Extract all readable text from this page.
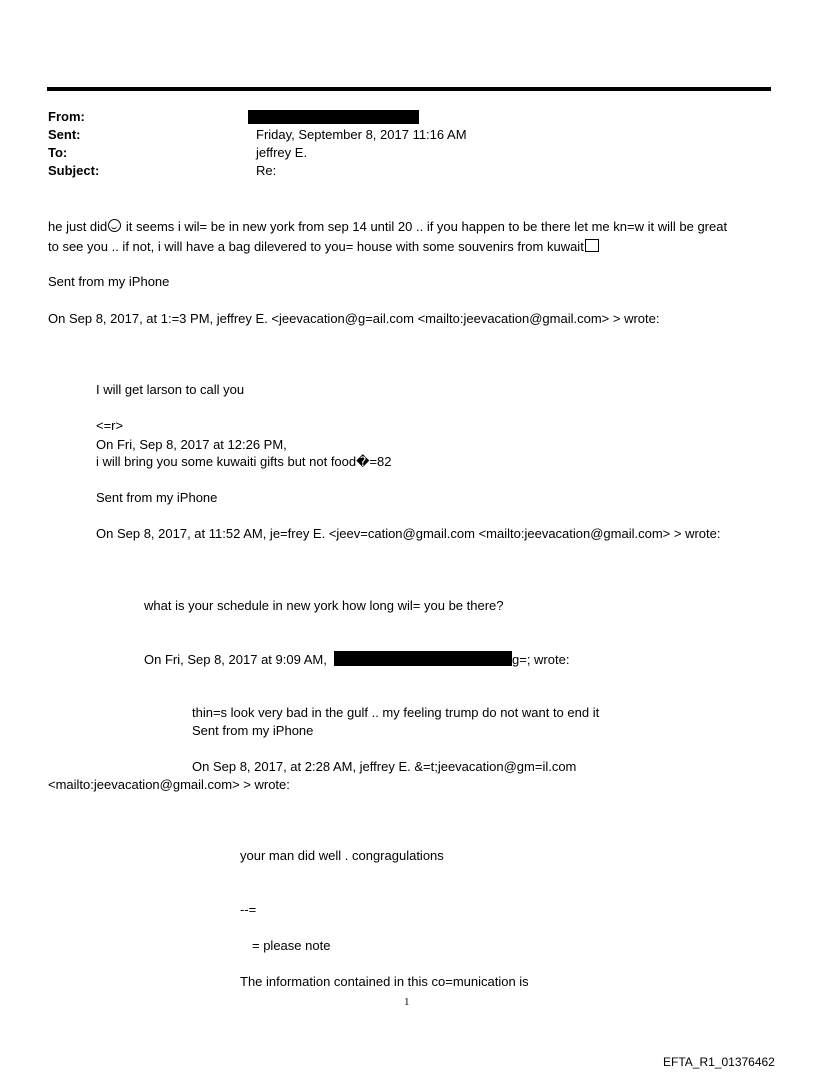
From:
Sent:	Friday, September 8, 2017 11:16 AM
To:	jeffrey E.
Subject:	Re:
he just did it seems i wil= be in new york from sep 14 until 20 .. if you happen to be there let me kn=w it will be great
to see you .. if not, i will have a bag dilevered to you= house with some souvenirs from kuwait
Sent from my iPhone
On Sep 8, 2017, at 1:=3 PM, jeffrey E. <jeevacation@g=ail.com <mailto:jeevacation@gmail.com> > wrote:
I will get larson to call you
<=r>
On Fri, Sep 8, 2017 at 12:26 PM,
i will bring you some kuwaiti gifts but not food�=82
Sent from my iPhone
On Sep 8, 2017, at 11:52 AM, je=frey E. <jeev=cation@gmail.com <mailto:jeevacation@gmail.com> > wrote:
what is your schedule in new york how long wil= you be there?
On Fri, Sep 8, 2017 at 9:09 AM,	g=; wrote:
thin=s look very bad in the gulf .. my feeling trump do not want to end it
Sent from my iPhone
On Sep 8, 2017, at 2:28 AM, jeffrey E. &=t;jeevacation@gm=il.com
<mailto:jeevacation@gmail.com> > wrote:
your man did well . congragulations
--=
= please note
The information contained in this co=munication is
1
EFTA_R1_01376462
